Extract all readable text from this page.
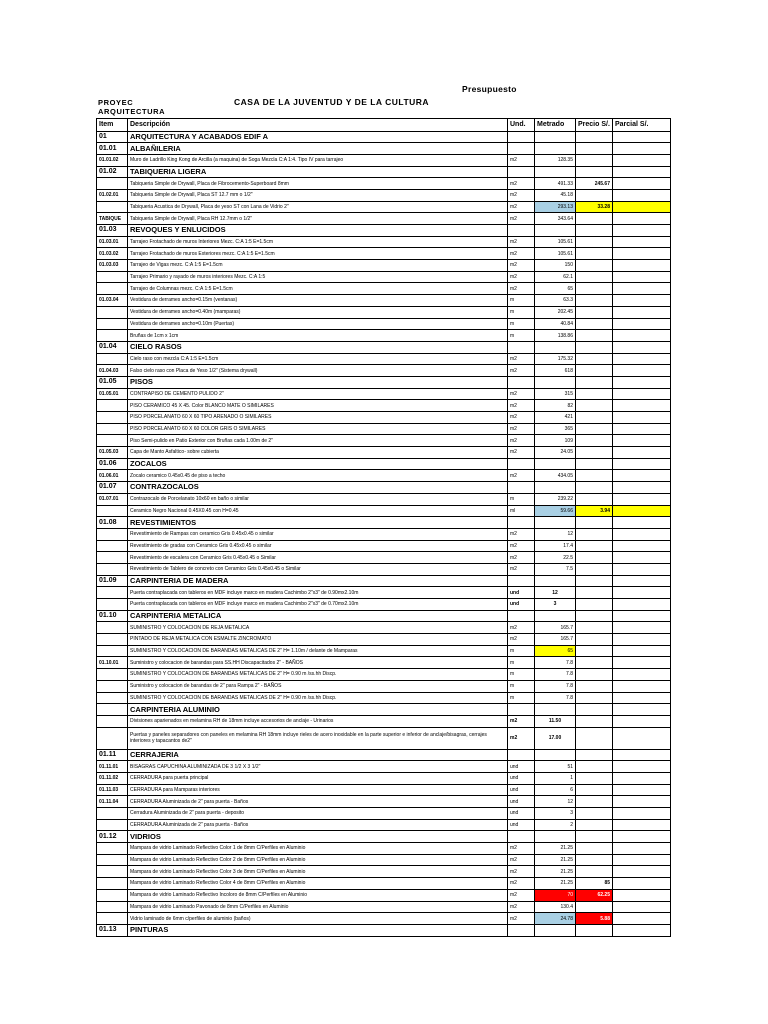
Presupuesto
PROYEC	CASA DE LA JUVENTUD Y DE LA CULTURA
ARQUITECTURA
Item	Descripción	Und.	Metrado	Precio S/.	Parcial S/.
01	ARQUITECTURA Y ACABADOS EDIF A				
01.01	ALBAÑILERIA				
01.01.02	Muro de Ladrillo King Kong de Arcilla (a maquina) de Soga Mezcla C:A 1:4. Tipo IV para tarrajeo	m2	128.35		
01.02	TABIQUERIA LIGERA				
	Tabiqueria Simple de Drywall, Placa de Fibrocemento-Superboard 8mm	m2	491.33	245.67	
01.02.01	Tabiqueria Simple de Drywall, Placa ST 12.7 mm o 1/2"	m2	45.18		
	Tabiqueria Acustica de Drywall, Placa de yeso ST con Lana de Vidrio 2"	m2	293.13	33.28	
TABIQUE	Tabiqueria Simple de Drywall, Placa RH 12.7mm o 1/2"	m2	343.64		
01.03	REVOQUES Y ENLUCIDOS				
01.03.01	Tarrajeo Frotachado de muros Interiores Mezc. C:A 1:5 E=1.5cm	m2	105.61		
01.03.02	Tarrajeo Frotachado de muros Exteriores mezc. C:A 1:5 E=1.5cm	m2	105.61		
01.03.03	Tarrajeo de Vigas mezc. C:A 1:5 E=1.5cm	m2	150		
	Tarrajeo Primario y rayado de muros interiores Mezc. C:A 1:5	m2	62.1		
	Tarrajeo de Columnas mezc. C:A 1:5 E=1.5cm	m2	65		
01.03.04	Vestidura de derrames ancho=0.15m (ventanas)	m	63.3		
	Vestidura de derrames ancho=0.40m (mamparas)	m	202.45		
	Vestidura de derrames ancho=0.10m (Puertas)	m	40.84		
	Bruñas de 1cm x 1cm	m	138.86		
01.04	CIELO RASOS				
	Cielo raso con mezcla C:A 1:5 E=1.5cm	m2	175.32		
01.04.03	Falso cielo raso con Placa de Yeso 1/2" (Sistema drywall)	m2	618		
01.05	PISOS				
01.05.01	CONTRAPISO DE CEMENTO PULIDO 2"	m2	315		
	PISO CERAMICO 45 X 45. Color BLANCO MATE O SIMILARES	m2	82		
	PISO PORCELANATO 60 X 60 TIPO ARENADO O SIMILARES	m2	421		
	PISO PORCELANATO 60 X 60 COLOR GRIS O SIMILARES	m2	365		
	Piso Semi-pulido en Patio Exterior con Bruñas cada 1.00m de 2"	m2	109		
01.05.03	Capa de Manto Asfaltico- sobre cubierta	m2	24.05		
01.06	ZOCALOS				
01.06.01	Zocalo ceramico 0.45x0.45 de piso a techo	m2	434.05		
01.07	CONTRAZOCALOS				
01.07.01	Contrazocalo de Porcelanato 10x60 en baño o similar	m	239.22		
	Ceramico Negro Nacional 0.45X0.45 con H=0.45	ml	59.66	3.94	
01.08	REVESTIMIENTOS				
	Revestimiento de Rampas con ceramico Gris 0.45x0.45 o similar	m2	12		
	Revestimiento de gradas con Ceramico Gris 0.45x0.45 o similar	m2	17.4		
	Revestimiento de escalera con Ceramico Gris 0.45x0.45 o Similar	m2	22.5		
	Revestimiento de Tablero de concreto con Ceramico Gris 0.45x0.45 o Similar	m2	7.5		
01.09	CARPINTERIA DE MADERA				
	Puerta contraplacada con tableros en MDF incluye marco en madera Cachimbo 2"x3" de 0.90mx2.10m	und	12		
	Puerta contraplacada con tableros en MDF incluye marco en madera Cachimbo 2"x3" de 0.70mx2.10m	und	3		
01.10	CARPINTERIA METALICA				
	SUMINISTRO Y COLOCACION DE REJA METALICA	m2	165.7		
	PINTADO DE REJA METALICA CON ESMALTE ZINCROMATO	m2	165.7		
	SUMINISTRO Y COLOCACION DE BARANDAS METALICAS DE 2" H= 1.10m / delante de Mamparas	m	65		
01.10.01	Suministro y colocacion de barandas para SS.HH Discapacitados 2" - BAÑOS	m	7.8		
	SUMINISTRO Y COLOCACION DE BARANDAS METALICAS DE 2" H= 0.90 m /ss.hh Discp.	m	7.8		
	Suministro y colocacion de barandas de 2" para Rampa 2" - BAÑOS	m	7.8		
	SUMINISTRO Y COLOCACION DE BARANDAS METALICAS DE 2" H= 0.90 m /ss.hh Discp.	m	7.8		
	CARPINTERIA ALUMINIO				
	Divisiones aparienados en melamina RH de 18mm incluye accesorios de anclaje - Urinarios	m2	11.50		
	Puertas y paneles separadores con paneles en melamina RH 18mm incluye rieles de acero inoxidable en la parte superior e inferior de anclaje/bisagras, cerrajes interiores y tapacantos de2"	m2	17.00		
01.11	CERRAJERIA				
01.11.01	BISAGRAS CAPUCHINA ALUMINIZADA DE 3 1/2 X 3 1/2"	und	51		
01.11.02	CERRADURA para puerta principal	und	1		
01.11.03	CERRADURA para Mamparas interiores	und	6		
01.11.04	CERRADURA Aluminizada de 2" para puerta - Baños	und	12		
	Cerradura Aluminizada de 2" para puerta - deposito	und	3		
	CERRADURA Aluminizada de 2" para puerta - Baños	und	2		
01.12	VIDRIOS				
	Mampara de vidrio Laminado Reflectivo Color 1 de 8mm C/Perfiles en Aluminio	m2	21.25		
	Mampara de vidrio Laminado Reflectivo Color 2 de 8mm C/Perfiles en Aluminio	m2	21.25		
	Mampara de vidrio Laminado Reflectivo Color 3 de 8mm C/Perfiles en Aluminio	m2	21.25		
	Mampara de vidrio Laminado Reflectivo Color 4 de 8mm C/Perfiles en Aluminio	m2	21.25	85	
	Mampara de vidrio Laminado Reflectivo Incoloro de 8mm C/Perfiles en Aluminio	m2	70	62.25	
	Mampara de vidrio Laminado Pavonado de 8mm C/Perfiles en Aluminio	m2	130.4		
	Vidrio laminado de 6mm c/perfiles de aluminio (baños)	m2	24.78	5.88	
01.13	PINTURAS				
